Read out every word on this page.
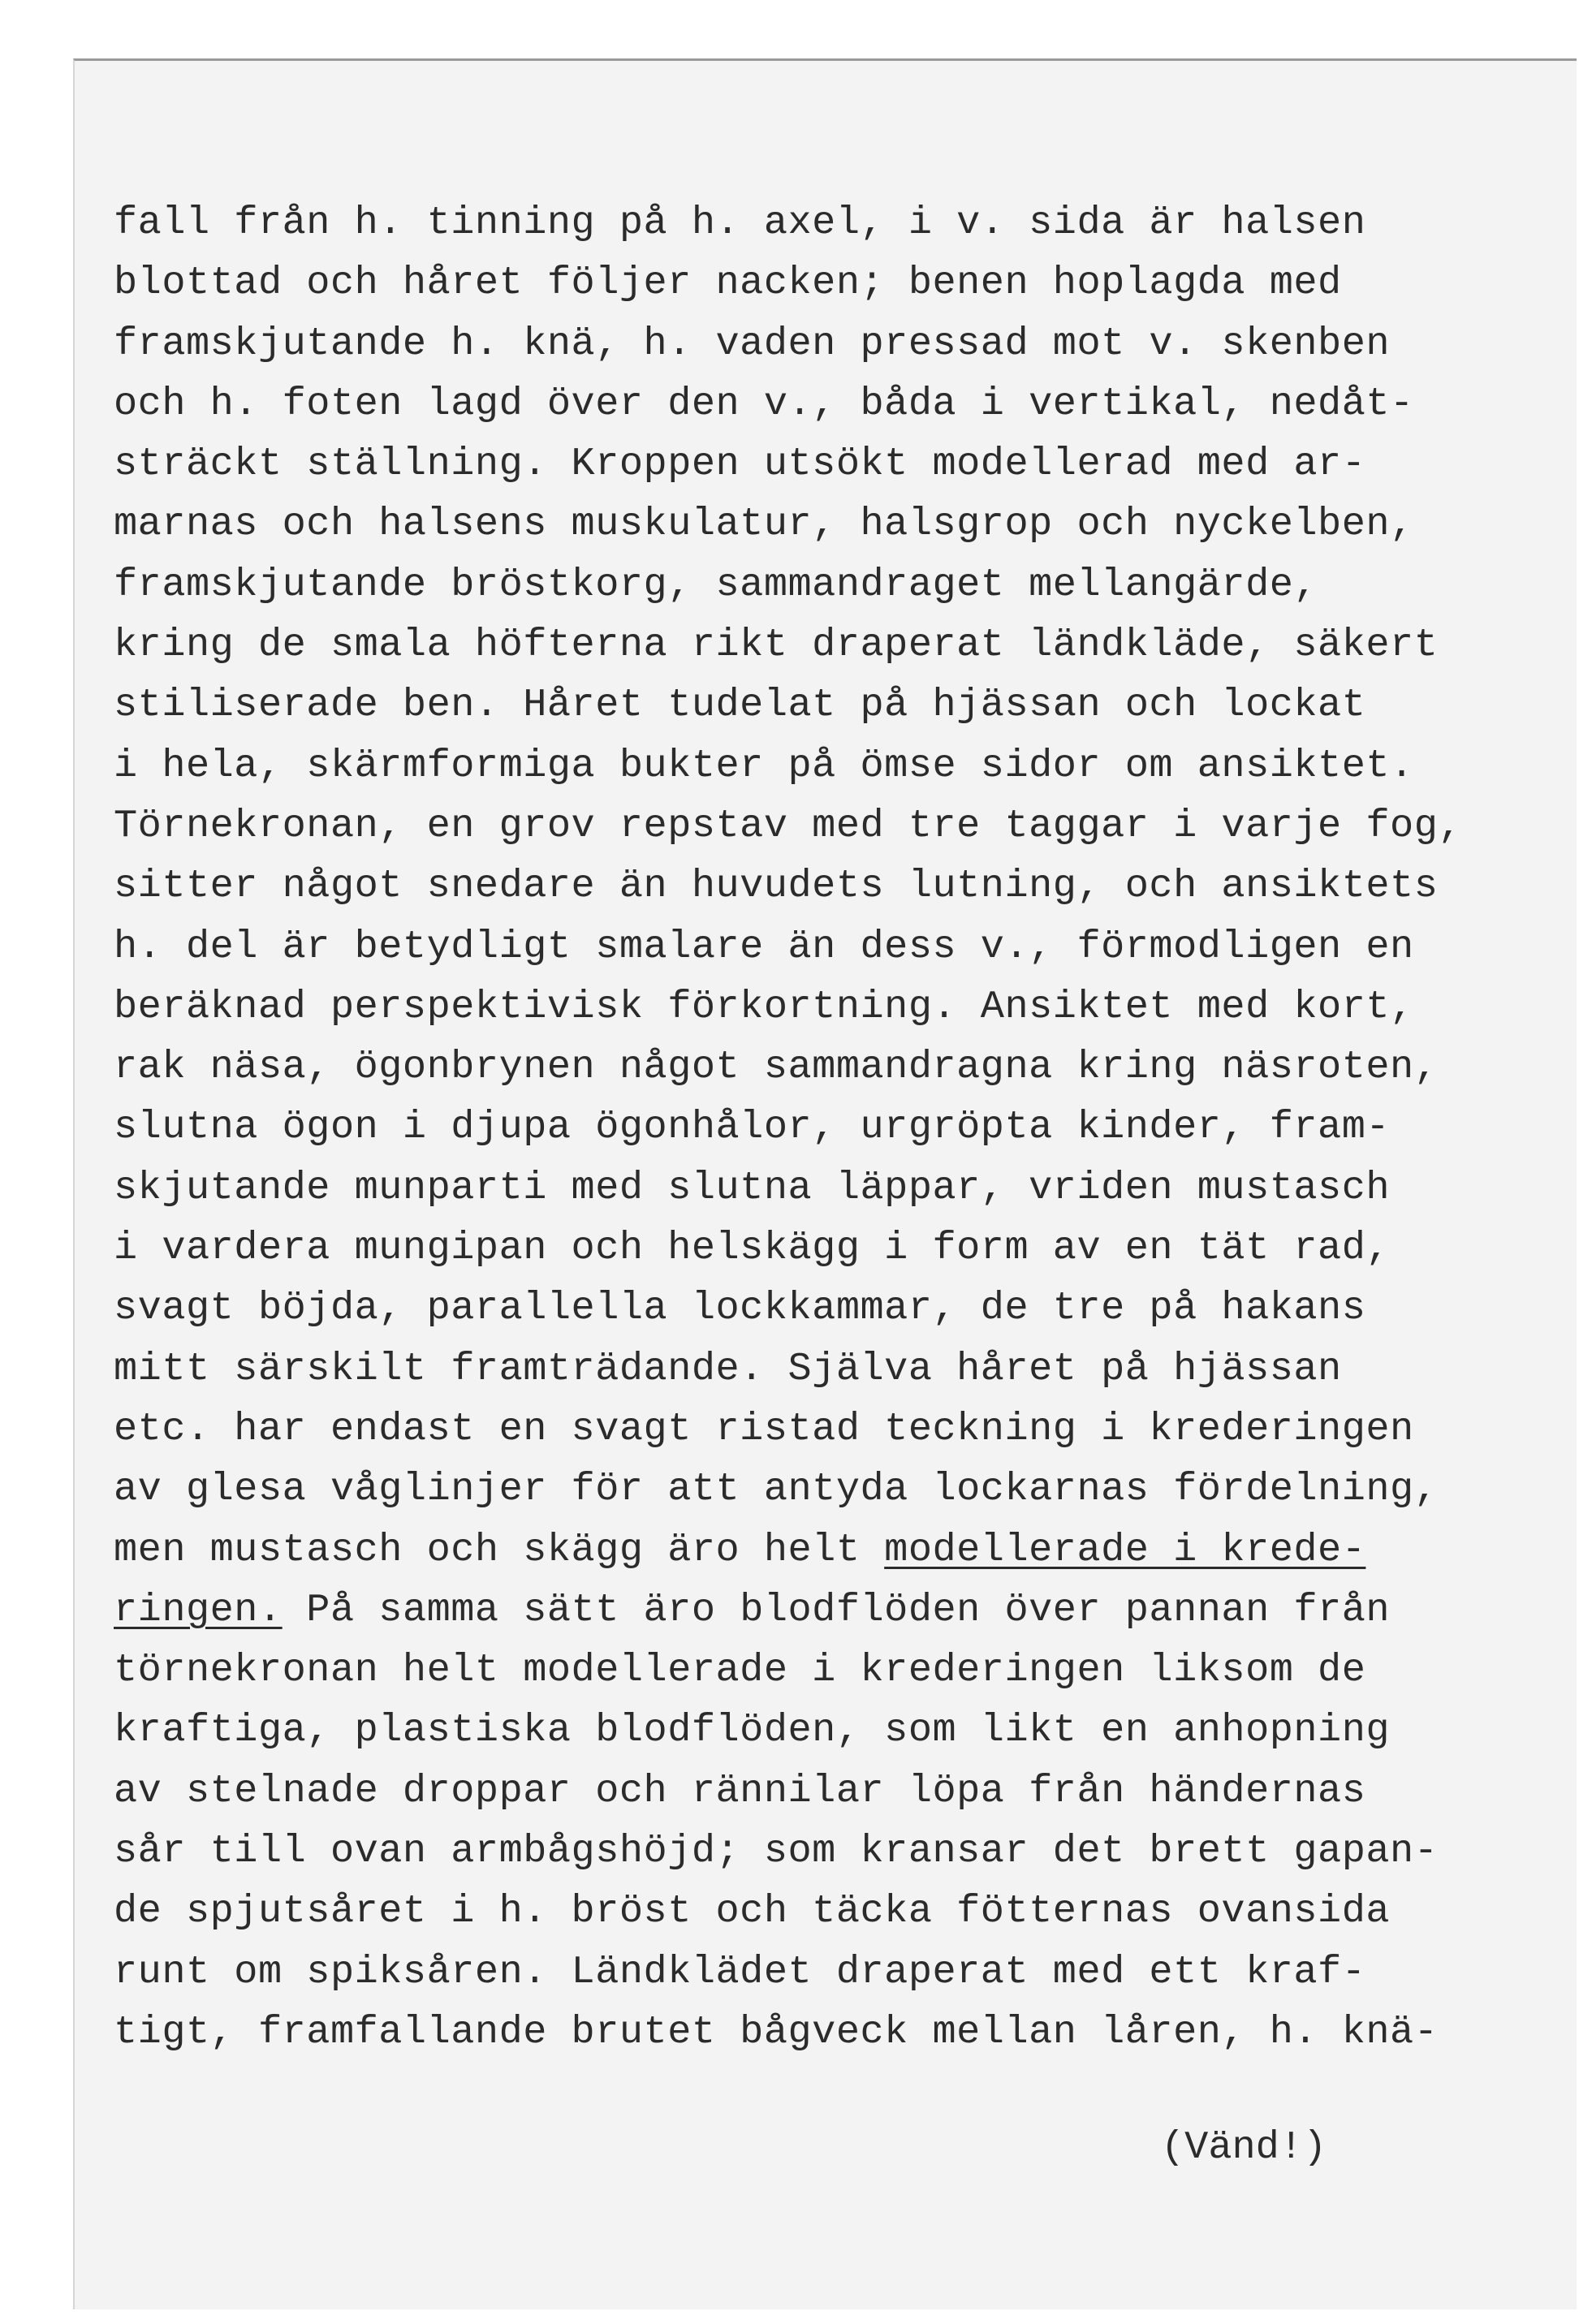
fall från h. tinning på h. axel, i v. sida är halsen
blottad och håret följer nacken; benen hoplagda med
framskjutande h. knä, h. vaden pressad mot v. skenben
och h. foten lagd över den v., båda i vertikal, nedåt-
sträckt ställning. Kroppen utsökt modellerad med ar-
marnas och halsens muskulatur, halsgrop och nyckelben,
framskjutande bröstkorg, sammandraget mellangärde,
kring de smala höfterna rikt draperat ländkläde, säkert
stiliserade ben. Håret tudelat på hjässan och lockat
i hela, skärmformiga bukter på ömse sidor om ansiktet.
Törnekronan, en grov repstav med tre taggar i varje fog,
sitter något snedare än huvudets lutning, och ansiktets
h. del är betydligt smalare än dess v., förmodligen en
beräknad perspektivisk förkortning. Ansiktet med kort,
rak näsa, ögonbrynen något sammandragna kring näsroten,
slutna ögon i djupa ögonhålor, urgröpta kinder, fram-
skjutande munparti med slutna läppar, vriden mustasch
i vardera mungipan och helskägg i form av en tät rad,
svagt böjda, parallella lockkammar, de tre på hakans
mitt särskilt framträdande. Själva håret på hjässan
etc. har endast en svagt ristad teckning i krederingen
av glesa våglinjer för att antyda lockarnas fördelning,
men mustasch och skägg äro helt modellerade i krede-
ringen. På samma sätt äro blodflöden över pannan från
törnekronan helt modellerade i krederingen liksom de
kraftiga, plastiska blodflöden, som likt en anhopning
av stelnade droppar och rännilar löpa från händernas
sår till ovan armbågshöjd; som kransar det brett gapan-
de spjutsåret i h. bröst och täcka fötternas ovansida
runt om spiksåren. Ländklädet draperat med ett kraf-
tigt, framfallande brutet bågveck mellan låren, h. knä-
(Vänd!)
